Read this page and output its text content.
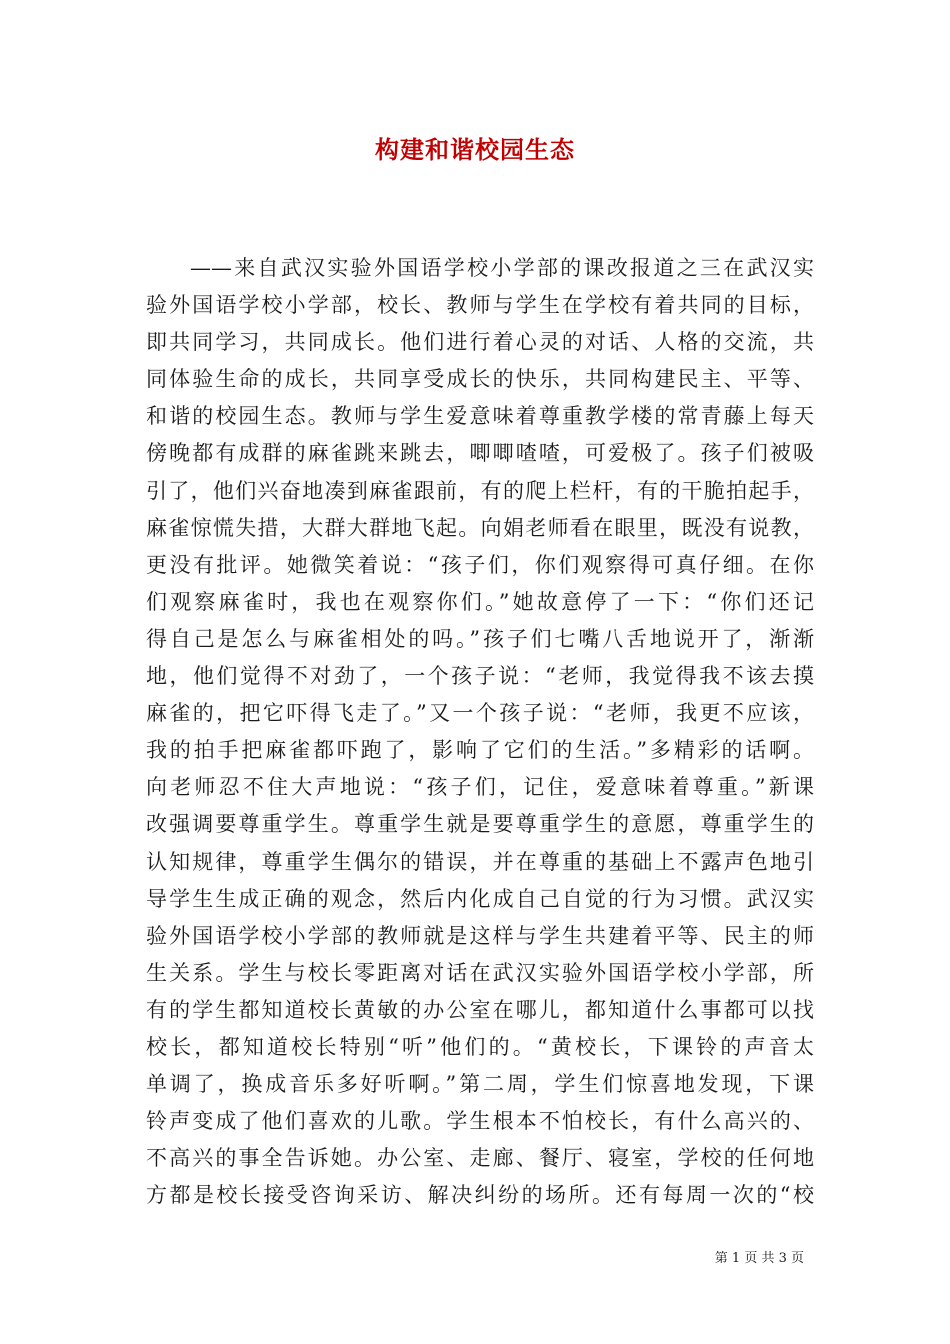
构建和谐校园生态
——来自武汉实验外国语学校小学部的课改报道之三在武汉实
验外国语学校小学部，校长、教师与学生在学校有着共同的目标，
即共同学习，共同成长。他们进行着心灵的对话、人格的交流，共
同体验生命的成长，共同享受成长的快乐，共同构建民主、平等、
和谐的校园生态。教师与学生爱意味着尊重教学楼的常青藤上每天
傍晚都有成群的麻雀跳来跳去，唧唧喳喳，可爱极了。孩子们被吸
引了，他们兴奋地凑到麻雀跟前，有的爬上栏杆，有的干脆拍起手，
麻雀惊慌失措，大群大群地飞起。向娟老师看在眼里，既没有说教，
更没有批评。她微笑着说：“孩子们，你们观察得可真仔细。在你
们观察麻雀时，我也在观察你们。”她故意停了一下：“你们还记
得自己是怎么与麻雀相处的吗。”孩子们七嘴八舌地说开了，渐渐
地，他们觉得不对劲了，一个孩子说：“老师，我觉得我不该去摸
麻雀的，把它吓得飞走了。”又一个孩子说：“老师，我更不应该，
我的拍手把麻雀都吓跑了，影响了它们的生活。”多精彩的话啊。
向老师忍不住大声地说：“孩子们，记住，爱意味着尊重。”新课
改强调要尊重学生。尊重学生就是要尊重学生的意愿，尊重学生的
认知规律，尊重学生偶尔的错误，并在尊重的基础上不露声色地引
导学生生成正确的观念，然后内化成自己自觉的行为习惯。武汉实
验外国语学校小学部的教师就是这样与学生共建着平等、民主的师
生关系。学生与校长零距离对话在武汉实验外国语学校小学部，所
有的学生都知道校长黄敏的办公室在哪儿，都知道什么事都可以找
校长，都知道校长特别“听”他们的。“黄校长，下课铃的声音太
单调了，换成音乐多好听啊。”第二周，学生们惊喜地发现，下课
铃声变成了他们喜欢的儿歌。学生根本不怕校长，有什么高兴的、
不高兴的事全告诉她。办公室、走廊、餐厅、寝室，学校的任何地
方都是校长接受咨询采访、解决纠纷的场所。还有每周一次的“校
第 1 页 共 3 页
